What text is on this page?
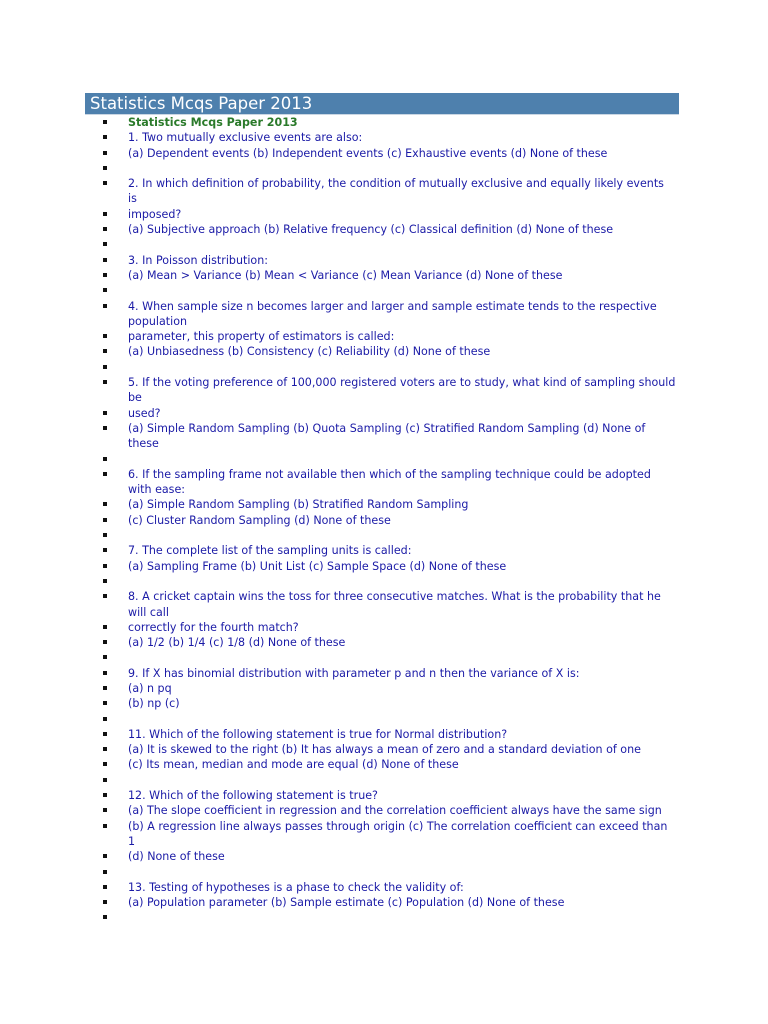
Statistics Mcqs Paper 2013
Statistics Mcqs Paper 2013
1. Two mutually exclusive events are also:
(a) Dependent events (b) Independent events (c) Exhaustive events (d) None of these
2. In which definition of probability, the condition of mutually exclusive and equally likely events is
imposed?
(a) Subjective approach (b) Relative frequency (c) Classical definition (d) None of these
3. In Poisson distribution:
(a) Mean > Variance (b) Mean < Variance (c) Mean Variance (d) None of these
4. When sample size n becomes larger and larger and sample estimate tends to the respective population
parameter, this property of estimators is called:
(a) Unbiasedness (b) Consistency (c) Reliability (d) None of these
5. If the voting preference of 100,000 registered voters are to study, what kind of sampling should be
used?
(a) Simple Random Sampling (b) Quota Sampling (c) Stratified Random Sampling (d) None of these
6. If the sampling frame not available then which of the sampling technique could be adopted with ease:
(a) Simple Random Sampling (b) Stratified Random Sampling
(c) Cluster Random Sampling (d) None of these
7. The complete list of the sampling units is called:
(a) Sampling Frame (b) Unit List (c) Sample Space (d) None of these
8. A cricket captain wins the toss for three consecutive matches. What is the probability that he will call
correctly for the fourth match?
(a) 1/2 (b) 1/4 (c) 1/8 (d) None of these
9. If X has binomial distribution with parameter p and n then the variance of X is:
(a) n pq
(b) np (c)
11. Which of the following statement is true for Normal distribution?
(a) It is skewed to the right (b) It has always a mean of zero and a standard deviation of one
(c) Its mean, median and mode are equal (d) None of these
12. Which of the following statement is true?
(a) The slope coefficient in regression and the correlation coefficient always have the same sign
(b) A regression line always passes through origin (c) The correlation coefficient can exceed than 1
(d) None of these
13. Testing of hypotheses is a phase to check the validity of:
(a) Population parameter (b) Sample estimate (c) Population (d) None of these
